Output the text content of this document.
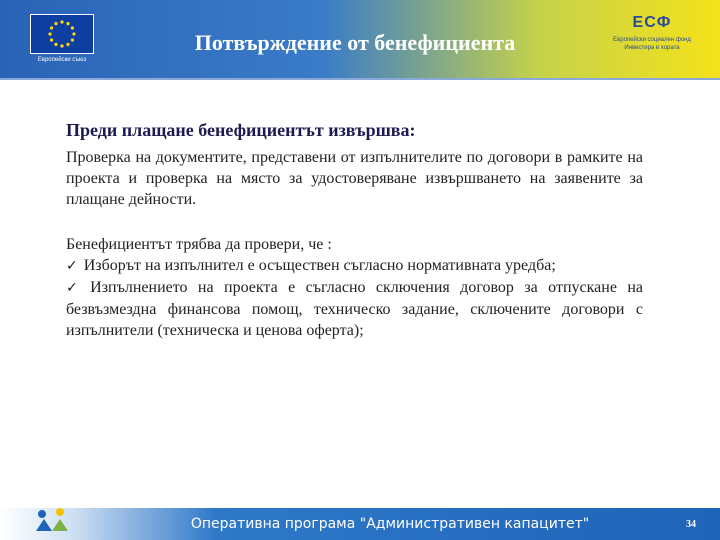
Европейски съюз
Потвърждение от бенефициента
ЕСФ
Европейски социален фонд
Инвестира в хората

Преди плащане бенефициентът извършва:

Проверка на документите, представени от изпълнителите по договори в рамките на проекта и проверка на място за удостоверяване извършването на заявените за плащане дейности.

Бенефициентът трябва да провери, че :

✓ Изборът на изпълнител е осъществен съгласно нормативната уредба;

✓ Изпълнението на проекта е съгласно сключения договор за отпускане на безвъзмездна финансова помощ, техническо задание, сключените договори с изпълнители (техническа и ценова оферта);

Оперативна програма "Административен капацитет"	34
